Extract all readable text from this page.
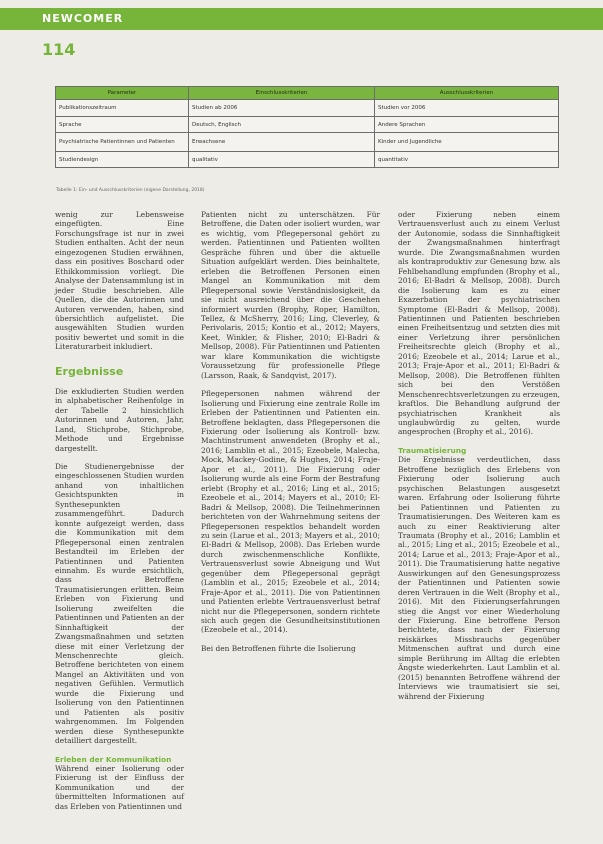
NEWCOMER
114
Parameter	Einschlusskriterien	Ausschlusskriterien
Publikationszeitraum	Studien ab 2006	Studien vor 2006
Sprache	Deutsch, Englisch	Andere Sprachen
Psychiatrische Patientinnen und Patienten	Erwachsene	Kinder und Jugendliche
Studiendesign	qualitativ	quantitativ
Tabelle 1: Ein- und Ausschlusskriterien (eigene Darstellung, 2018)

wenig zur Lebensweise eingefügten. Eine Forschungsfrage ist nur in zwei Studien enthalten. Acht der neun eingezogenen Studien erwähnen, dass ein positives Boschard oder Ethikkommission vorliegt. Die Analyse der Datensammlung ist in jeder Studie beschrieben. Alle Quellen, die die Autorinnen und Autoren verwenden, haben, sind übersichtlich aufgelistet. Die ausgewählten Studien wurden positiv bewertet und somit in die Literaturarbeit inkludiert.

Ergebnisse

Die exkludierten Studien werden in alphabetischer Reihenfolge in der Tabelle 2 hinsichtlich Autorinnen und Autoren, Jahr, Land, Stichprobe, Stichprobe, Methode und Ergebnisse dargestellt.

Die Studienergebnisse der eingeschlossenen Studien wurden anhand von inhaltlichen Gesichtspunkten in Synthesepunkten zusammengeführt. Dadurch konnte aufgezeigt werden, dass die Kommunikation mit dem Pflegepersonal einen zentralen Bestandteil im Erleben der Patientinnen und Patienten einnahm. Es wurde ersichtlich, dass Betroffene Traumatisierungen erlitten. Beim Erleben von Fixierung und Isolierung zweifelten die Patientinnen und Patienten an der Sinnhaftigkeit der Zwangsmaßnahmen und setzten diese mit einer Verletzung der Menschenrechte gleich. Betroffene berichteten von einem Mangel an Aktivitäten und von negativen Gefühlen. Vermutlich wurde die Fixierung und Isolierung von den Patientinnen und Patienten als positiv wahrgenommen. Im Folgenden werden diese Synthesepunkte detailliert dargestellt.

Erleben der Kommunikation

Während einer Isolierung oder Fixierung ist der Einfluss der Kommunikation und der übermittelten Informationen auf das Erleben von Patientinnen und

Patienten nicht zu unterschätzen. Für Betroffene, die Daten oder isoliert wurden, war es wichtig, vom Pflegepersonal gehört zu werden. Patientinnen und Patienten wollten Gespräche führen und über die aktuelle Situation aufgeklärt werden. Dies beinhaltete, erleben die Betroffenen Personen einen Mangel an Kommunikation mit dem Pflegepersonal sowie Verständnislosigkeit, da sie nicht ausreichend über die Geschehen informiert wurden (Brophy, Roper, Hamilton, Tellez, & McSherry, 2016; Ling, Cleverley, & Perivolaris, 2015; Kontio et al., 2012; Mayers, Keet, Winkler, & Flisher, 2010; El-Badri & Mellsop, 2008). Für Patientinnen und Patienten war klare Kommunikation die wichtigste Voraussetzung für professionelle Pflege (Larsson, Raak, & Sandqvist, 2017).

Pflegepersonen nahmen während der Isolierung und Fixierung eine zentrale Rolle im Erleben der Patientinnen und Patienten ein. Betroffene beklagten, dass Pflegepersonen die Fixierung oder Isolierung als Kontroll- bzw. Machtinstrument anwendeten (Brophy et al., 2016; Lamblin et al., 2015; Ezeobele, Malecha, Mock, Mackey-Godine, & Hughes, 2014; Fraje-Apor et al., 2011). Die Fixierung oder Isolierung wurde als eine Form der Bestrafung erlebt (Brophy et al., 2016; Ling et al., 2015; Ezeobele et al., 2014; Mayers et al., 2010; El-Badri & Mellsop, 2008). Die Teilnehmerinnen berichteten von der Wahrnehmung seitens der Pflegepersonen respektlos behandelt worden zu sein (Larue et al., 2013; Mayers et al., 2010; El-Badri & Mellsop, 2008). Das Erleben wurde durch zwischenmenschliche Konflikte, Vertrauensverlust sowie Abneigung und Wut gegenüber dem Pflegepersonal geprägt (Lamblin et al., 2015; Ezeobele et al., 2014; Fraje-Apor et al., 2011). Die von Patientinnen und Patienten erlebte Vertrauensverlust betraf nicht nur die Pflegepersonen, sondern richtete sich auch gegen die Gesundheitsinstitutionen (Ezeobele et al., 2014).

Bei den Betroffenen führte die Isolierung

oder Fixierung neben einem Vertrauensverlust auch zu einem Verlust der Autonomie, sodass die Sinnhaftigkeit der Zwangsmaßnahmen hinterfragt wurde. Die Zwangsmaßnahmen wurden als kontraproduktiv zur Genesung bzw. als Fehlbehandlung empfunden (Brophy et al., 2016; El-Badri & Mellsop, 2008). Durch die Isolierung kam es zu einer Exazerbation der psychiatrischen Symptome (El-Badri & Mellsop, 2008). Patientinnen und Patienten beschrieben einen Freiheitsentzug und setzten dies mit einer Verletzung ihrer persönlichen Freiheitsrechte gleich (Brophy et al., 2016; Ezeobele et al., 2014; Larue et al., 2013; Fraje-Apor et al., 2011; El-Badri & Mellsop, 2008). Die Betroffenen fühlten sich bei den Verstößen Menschenrechtsverletzungen zu erzeugen, kraftlos. Die Behandlung aufgrund der psychiatrischen Krankheit als unglaubwürdig zu gelten, wurde angesprochen (Brophy et al., 2016).

Traumatisierung

Die Ergebnisse verdeutlichen, dass Betroffene bezüglich des Erlebens von Fixierung oder Isolierung auch psychischen Belastungen ausgesetzt waren. Erfahrung oder Isolierung führte bei Patientinnen und Patienten zu Traumatisierungen. Des Weiteren kam es auch zu einer Reaktivierung alter Traumata (Brophy et al., 2016; Lamblin et al., 2015; Ling et al., 2015; Ezeobele et al., 2014; Larue et al., 2013; Fraje-Apor et al., 2011). Die Traumatisierung hatte negative Auswirkungen auf den Genesungsprozess der Patientinnen und Patienten sowie deren Vertrauen in die Welt (Brophy et al., 2016). Mit den Fixierungserfahrungen stieg die Angst vor einer Wiederholung der Fixierung. Eine betroffene Person berichtete, dass nach der Fixierung reiskärkes Missbrauchs gegenüber Mitmenschen auftrat und durch eine simple Berührung im Alltag die erlebten Ängste wiederkehrten. Laut Lamblin et al. (2015) benannten Betroffene während der Interviews wie traumatisiert sie sei, während der Fixierung
